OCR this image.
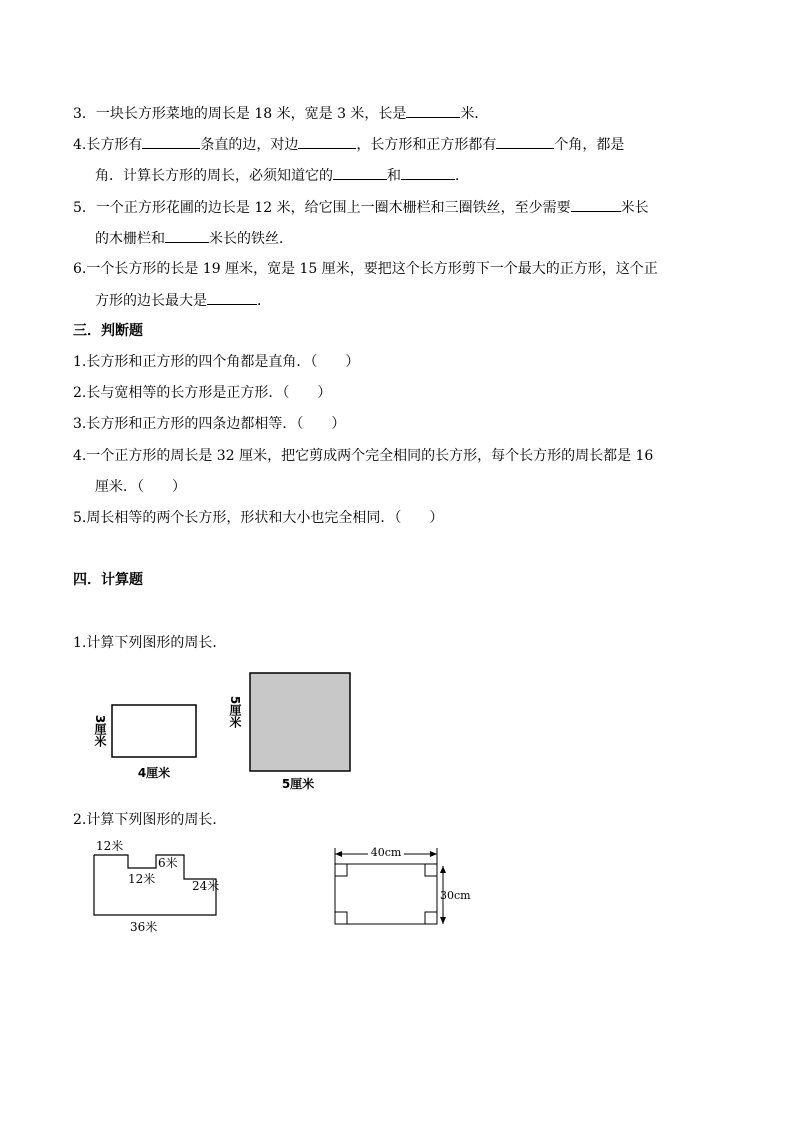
3．一块长方形菜地的周长是 18 米，宽是 3 米，长是	米．
4.长方形有	条直的边，对边	，长方形和正方形都有	个角，都是
角．计算长方形的周长，必须知道它的	和	．
5．一个正方形花圃的边长是 12 米，给它围上一圈木栅栏和三圈铁丝，至少需要	米长
的木栅栏和	米长的铁丝．
6.一个长方形的长是 19 厘米，宽是 15 厘米，要把这个长方形剪下一个最大的正方形，这个正
方形的边长最大是	．
三．判断题
1.长方形和正方形的四个角都是直角．（　　）
2.长与宽相等的长方形是正方形．（　　）
3.长方形和正方形的四条边都相等．（　　）
4.一个正方形的周长是 32 厘米，把它剪成两个完全相同的长方形，每个长方形的周长都是 16
厘米．（　　）
5.周长相等的两个长方形，形状和大小也完全相同．（　　）
四．计算题
1.计算下列图形的周长．
3厘米
4厘米
5厘米
5厘米
2.计算下列图形的周长．
12米
6米
12米	24米
36米
40cm
30cm
